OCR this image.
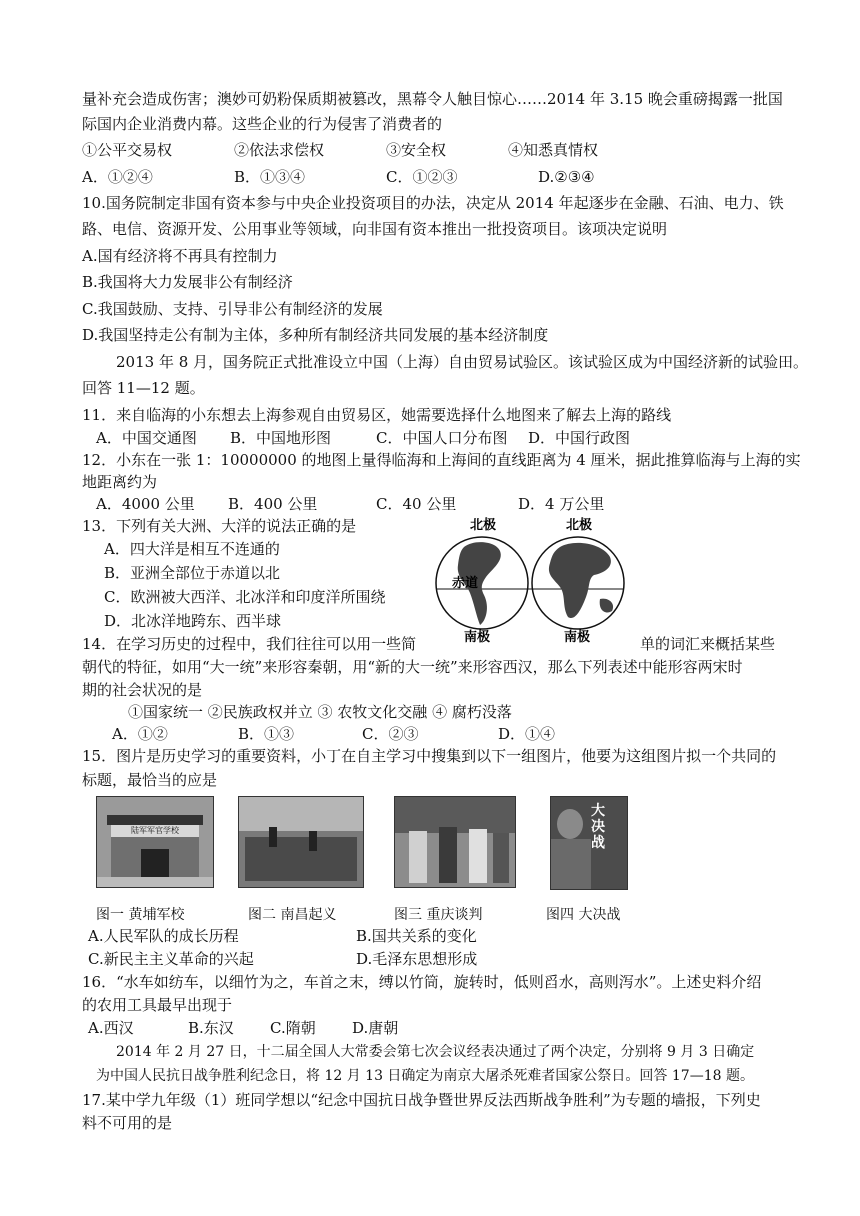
量补充会造成伤害；澳妙可奶粉保质期被篡改，黑幕令人触目惊心……2014 年 3.15 晚会重磅揭露一批国
际国内企业消费内幕。这些企业的行为侵害了消费者的
①公平交易权	②依法求偿权	③安全权	④知悉真情权
A．①②④	B．①③④	C．①②③	D.②③④
10.国务院制定非国有资本参与中央企业投资项目的办法，决定从 2014 年起逐步在金融、石油、电力、铁
路、电信、资源开发、公用事业等领域，向非国有资本推出一批投资项目。该项决定说明
A.国有经济将不再具有控制力
B.我国将大力发展非公有制经济
C.我国鼓励、支持、引导非公有制经济的发展
D.我国坚持走公有制为主体，多种所有制经济共同发展的基本经济制度
2013 年 8 月，国务院正式批准设立中国（上海）自由贸易试验区。该试验区成为中国经济新的试验田。
回答 11—12 题。
11．来自临海的小东想去上海参观自由贸易区，她需要选择什么地图来了解去上海的路线
A．中国交通图 B．中国地形图	C．中国人口分布图 D．中国行政图
12．小东在一张 1：10000000 的地图上量得临海和上海间的直线距离为 4 厘米，据此推算临海与上海的实
地距离约为
A．4000 公里 B．400 公里	C．40 公里	D．4 万公里
13．下列有关大洲、大洋的说法正确的是
A．四大洋是相互不连通的
B．亚洲全部位于赤道以北
C．欧洲被大西洋、北冰洋和印度洋所围绕
D．北冰洋地跨东、西半球
北极	北极
赤道
南极	南极
14．在学习历史的过程中，我们往往可以用一些简	单的词汇来概括某些
朝代的特征，如用“大一统”来形容秦朝，用“新的大一统”来形容西汉，那么下列表述中能形容两宋时
期的社会状况的是
①国家统一 ②民族政权并立 ③ 农牧文化交融 ④ 腐朽没落
A．①②	B．①③	C．②③	D．①④
15．图片是历史学习的重要资料，小丁在自主学习中搜集到以下一组图片，他要为这组图片拟一个共同的
标题，最恰当的应是
陆军军官学校
大决战
图一 黄埔军校	图二 南昌起义	图三 重庆谈判	图四 大决战
A.人民军队的成长历程	B.国共关系的变化
C.新民主主义革命的兴起	D.毛泽东思想形成
16．“水车如纺车，以细竹为之，车首之末，缚以竹筒，旋转时，低则舀水，高则泻水”。上述史料介绍
的农用工具最早出现于
A.西汉	B.东汉 C.隋朝 D.唐朝
2014 年 2 月 27 日，十二届全国人大常委会第七次会议经表决通过了两个决定，分别将 9 月 3 日确定
为中国人民抗日战争胜利纪念日，将 12 月 13 日确定为南京大屠杀死难者国家公祭日。回答 17—18 题。
17.某中学九年级（1）班同学想以“纪念中国抗日战争暨世界反法西斯战争胜利”为专题的墙报，下列史
料不可用的是
